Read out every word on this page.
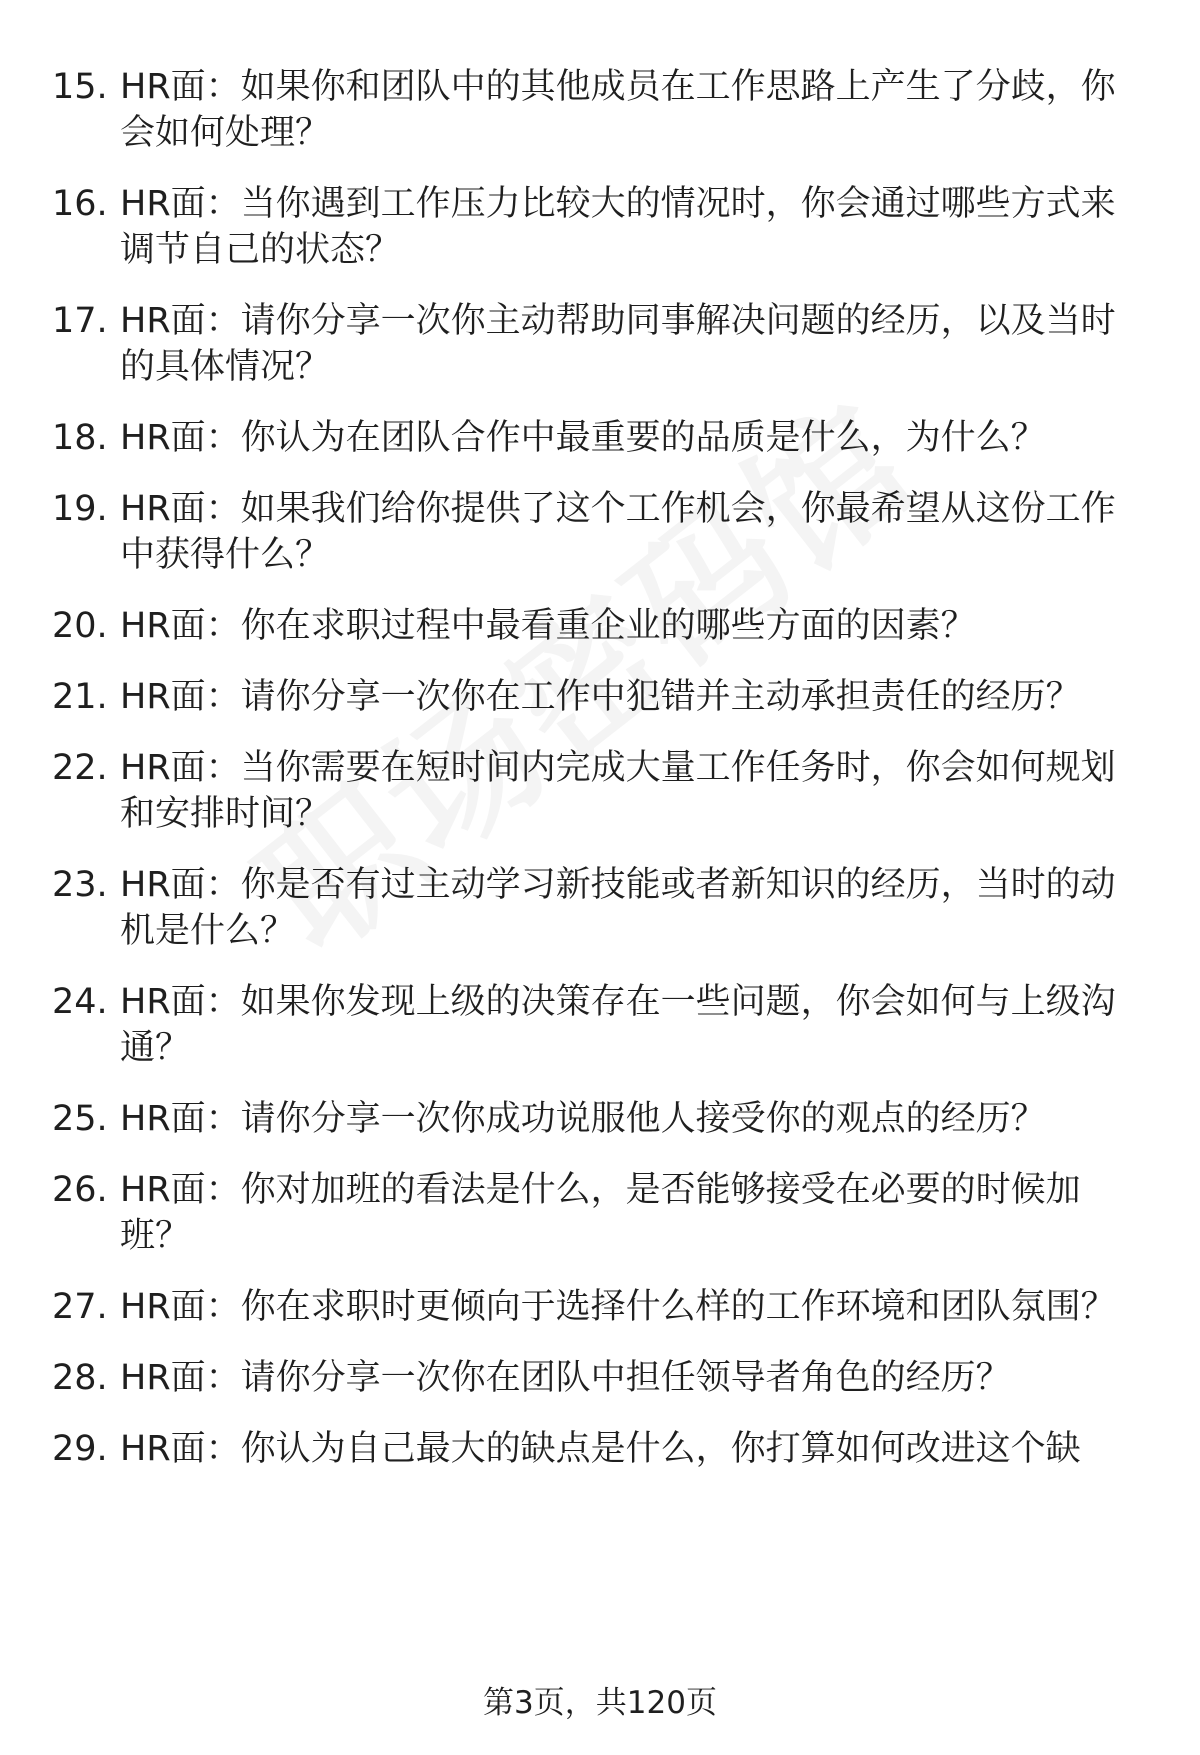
15. HR面：如果你和团队中的其他成员在工作思路上产生了分歧，你会如何处理？
16. HR面：当你遇到工作压力比较大的情况时，你会通过哪些方式来调节自己的状态？
17. HR面：请你分享一次你主动帮助同事解决问题的经历，以及当时的具体情况？
18. HR面：你认为在团队合作中最重要的品质是什么，为什么？
19. HR面：如果我们给你提供了这个工作机会，你最希望从这份工作中获得什么？
20. HR面：你在求职过程中最看重企业的哪些方面的因素？
21. HR面：请你分享一次你在工作中犯错并主动承担责任的经历？
22. HR面：当你需要在短时间内完成大量工作任务时，你会如何规划和安排时间？
23. HR面：你是否有过主动学习新技能或者新知识的经历，当时的动机是什么？
24. HR面：如果你发现上级的决策存在一些问题，你会如何与上级沟通？
25. HR面：请你分享一次你成功说服他人接受你的观点的经历？
26. HR面：你对加班的看法是什么，是否能够接受在必要的时候加班？
27. HR面：你在求职时更倾向于选择什么样的工作环境和团队氛围？
28. HR面：请你分享一次你在团队中担任领导者角色的经历？
29. HR面：你认为自己最大的缺点是什么，你打算如何改进这个缺
第3页，共120页
